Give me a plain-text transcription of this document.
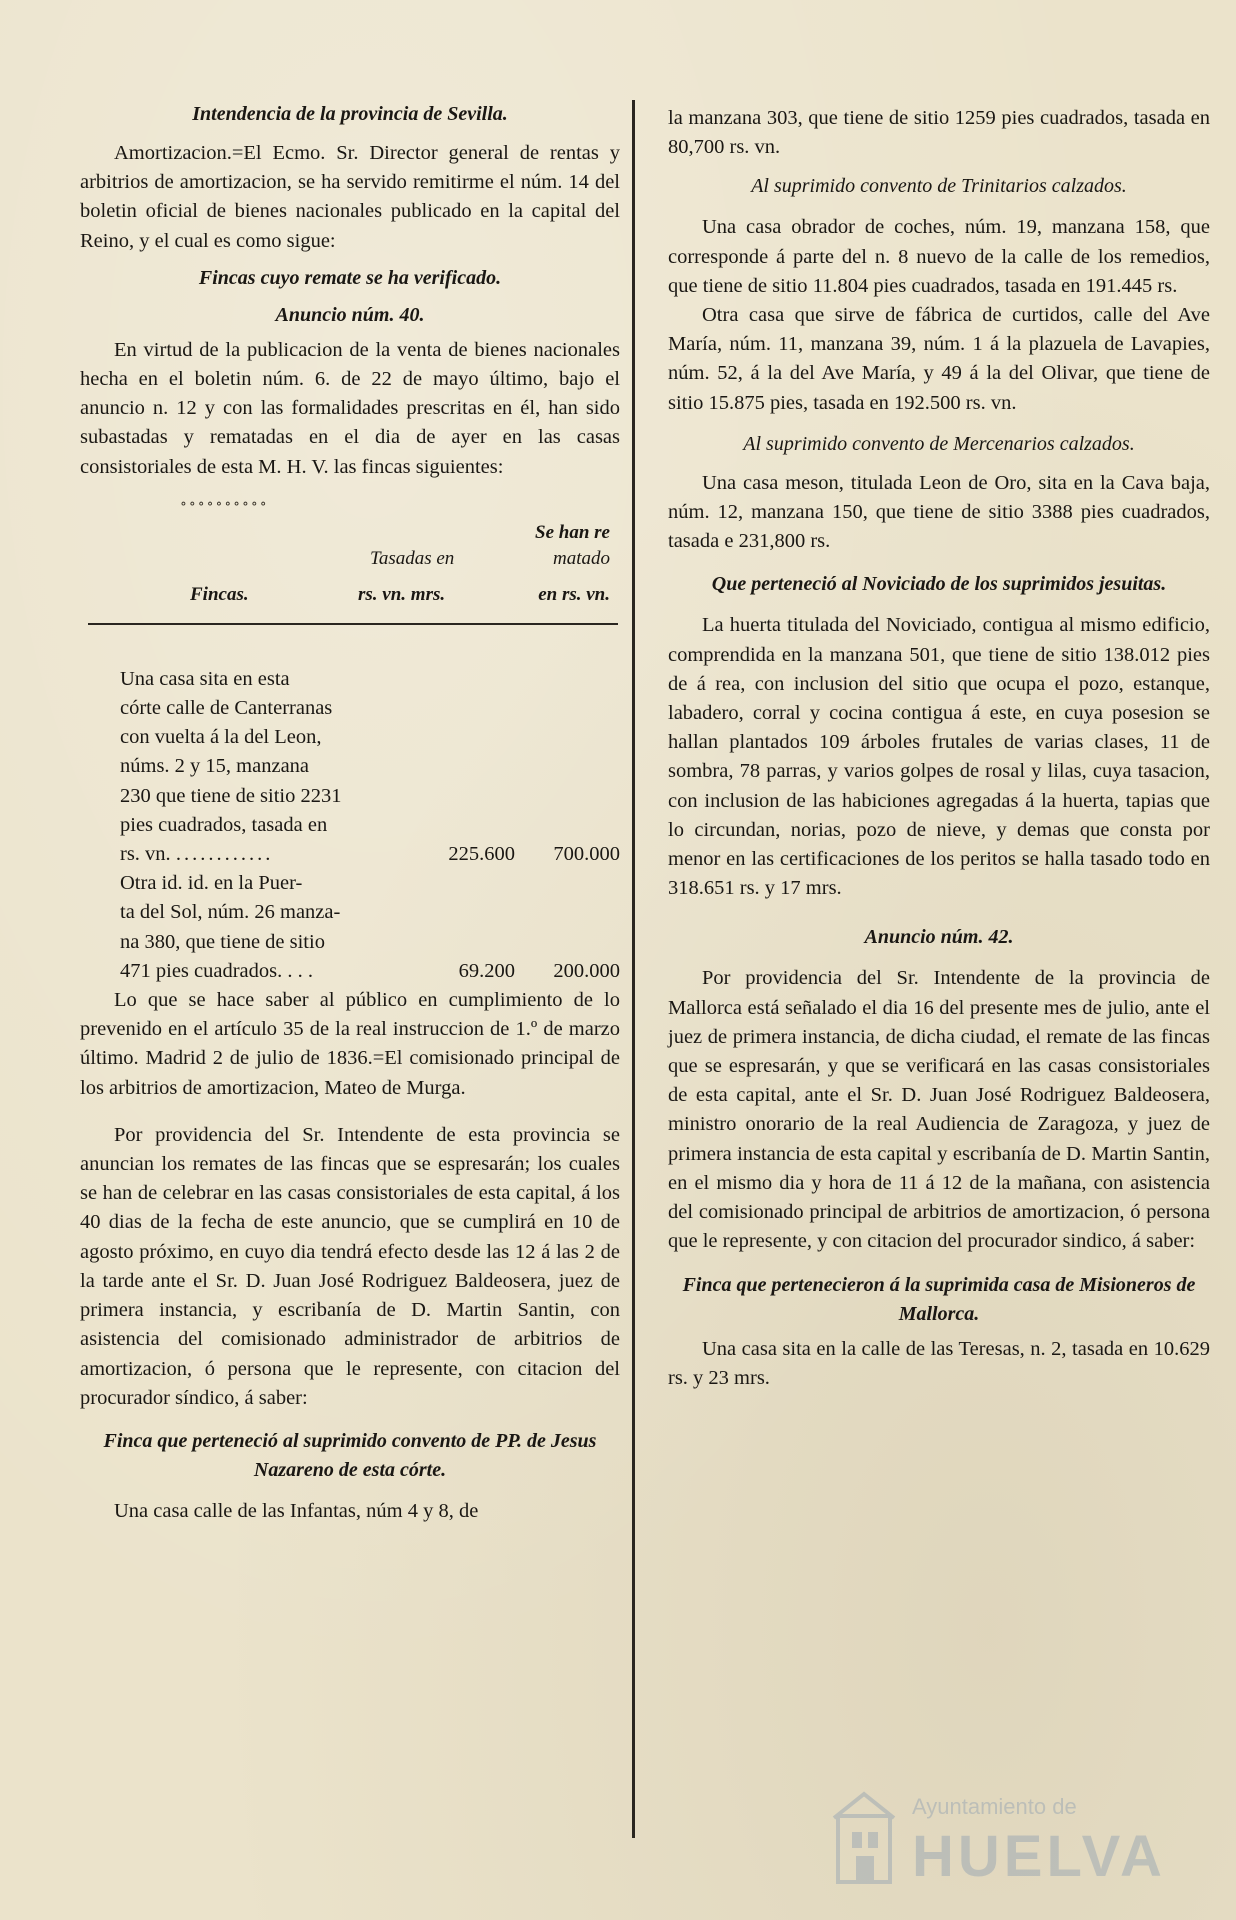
Intendencia de la provincia de Sevilla.

Amortizacion.=El Ecmo. Sr. Director general de rentas y arbitrios de amortizacion, se ha servido remitirme el núm. 14 del boletin oficial de bienes nacionales publicado en la capital del Reino, y el cual es como sigue:

Fincas cuyo remate se ha verificado.

Anuncio núm. 40.

En virtud de la publicacion de la venta de bienes nacionales hecha en el boletin núm. 6. de 22 de mayo último, bajo el anuncio n. 12 y con las formalidades prescritas en él, han sido subastadas y rematadas en el dia de ayer en las casas consistoriales de esta M. H. V. las fincas siguientes:

∘∘∘∘∘∘∘∘∘∘
Se han re
Tasadas en	matado
Fincas.	rs. vn. mrs.	en rs. vn.
Una casa sita en esta
córte calle de Canterranas
con vuelta á la del Leon,
núms. 2 y 15, manzana
230 que tiene de sitio 2231
pies cuadrados, tasada en
rs. vn. ............	225.600	700.000
Otra id. id. en la Puer-
ta del Sol, núm. 26 manza-
na 380, que tiene de sitio
471 pies cuadrados. . . .	69.200	200.000

Lo que se hace saber al público en cumplimiento de lo prevenido en el artículo 35 de la real instruccion de 1.º de marzo último. Madrid 2 de julio de 1836.=El comisionado principal de los arbitrios de amortizacion, Mateo de Murga.

Por providencia del Sr. Intendente de esta provincia se anuncian los remates de las fincas que se espresarán; los cuales se han de celebrar en las casas consistoriales de esta capital, á los 40 dias de la fecha de este anuncio, que se cumplirá en 10 de agosto próximo, en cuyo dia tendrá efecto desde las 12 á las 2 de la tarde ante el Sr. D. Juan José Rodriguez Baldeosera, juez de primera instancia, y escribanía de D. Martin Santin, con asistencia del comisionado administrador de arbitrios de amortizacion, ó persona que le represente, con citacion del procurador síndico, á saber:

Finca que perteneció al suprimido convento de PP. de Jesus Nazareno de esta córte.

Una casa calle de las Infantas, núm 4 y 8, de

la manzana 303, que tiene de sitio 1259 pies cuadrados, tasada en 80,700 rs. vn.

Al suprimido convento de Trinitarios calzados.

Una casa obrador de coches, núm. 19, manzana 158, que corresponde á parte del n. 8 nuevo de la calle de los remedios, que tiene de sitio 11.804 pies cuadrados, tasada en 191.445 rs.

Otra casa que sirve de fábrica de curtidos, calle del Ave María, núm. 11, manzana 39, núm. 1 á la plazuela de Lavapies, núm. 52, á la del Ave María, y 49 á la del Olivar, que tiene de sitio 15.875 pies, tasada en 192.500 rs. vn.

Al suprimido convento de Mercenarios calzados.

Una casa meson, titulada Leon de Oro, sita en la Cava baja, núm. 12, manzana 150, que tiene de sitio 3388 pies cuadrados, tasada e 231,800 rs.

Que perteneció al Noviciado de los suprimidos jesuitas.

La huerta titulada del Noviciado, contigua al mismo edificio, comprendida en la manzana 501, que tiene de sitio 138.012 pies de á rea, con inclusion del sitio que ocupa el pozo, estanque, labadero, corral y cocina contigua á este, en cuya posesion se hallan plantados 109 árboles frutales de varias clases, 11 de sombra, 78 parras, y varios golpes de rosal y lilas, cuya tasacion, con inclusion de las habiciones agregadas á la huerta, tapias que lo circundan, norias, pozo de nieve, y demas que consta por menor en las certificaciones de los peritos se halla tasado todo en 318.651 rs. y 17 mrs.

Anuncio núm. 42.

Por providencia del Sr. Intendente de la provincia de Mallorca está señalado el dia 16 del presente mes de julio, ante el juez de primera instancia, de dicha ciudad, el remate de las fincas que se espresarán, y que se verificará en las casas consistoriales de esta capital, ante el Sr. D. Juan José Rodriguez Baldeosera, ministro onorario de la real Audiencia de Zaragoza, y juez de primera instancia de esta capital y escribanía de D. Martin Santin, en el mismo dia y hora de 11 á 12 de la mañana, con asistencia del comisionado principal de arbitrios de amortizacion, ó persona que le represente, y con citacion del procurador sindico, á saber:

Finca que pertenecieron á la suprimida casa de Misioneros de Mallorca.

Una casa sita en la calle de las Teresas, n. 2, tasada en 10.629 rs. y 23 mrs.

Ayuntamiento de
HUELVA
